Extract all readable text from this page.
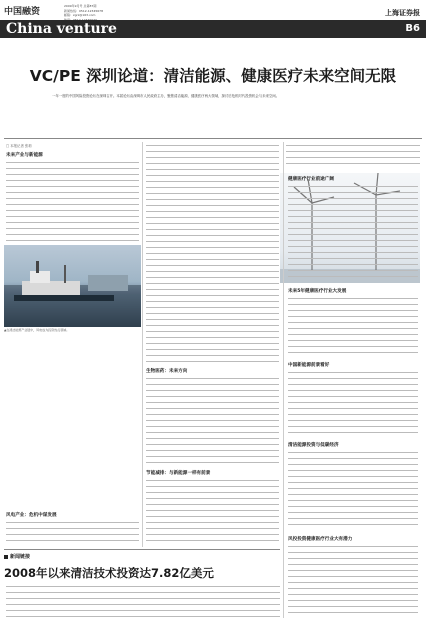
中国融资
2009年9月号 总第87期
新闻热线：0512-12345678
邮箱：zgrz@163.com	上海证券报
China venture	B6
VC/PE 深圳论道：清洁能源、健康医疗未来空间无限
一年一度的中国风险投资论坛在深圳召开。本届论坛由深圳市人民政府主办，聚焦清洁能源、健康医疗两大领域，探讨后危机时代投资机会与未来空间。
□ 本报记者 张莉
未来产业与新能源
▲在清洁能源产业链中，风电成为投资热点领域。
风电产业：危机中谋发展
生物医药：未来方向
节能减排：与新能源一样有前景
健康医疗行业前途广阔
未来5年健康医疗行业大发展
中国新能源前景看好
清洁能源投资与低碳经济
风投投资健康医疗行业大有潜力
新闻链接
2008年以来清洁技术投资达7.82亿美元
